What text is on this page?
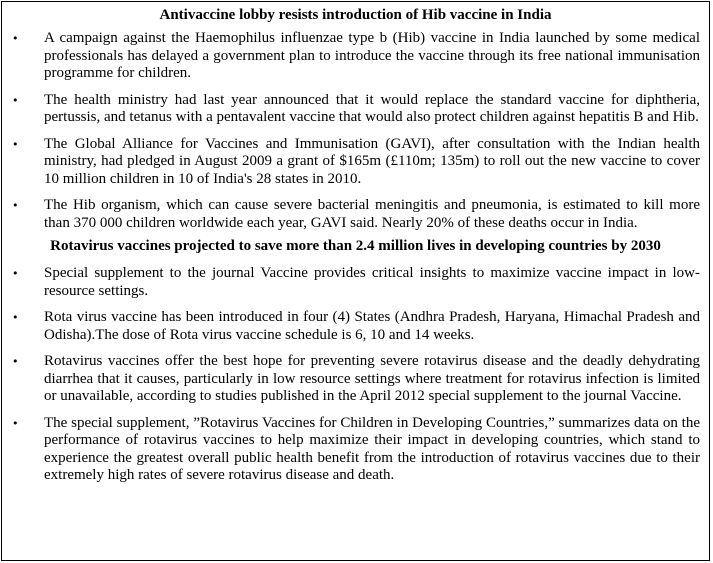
Antivaccine lobby resists introduction of Hib vaccine in India
• A campaign against the Haemophilus influenzae type b (Hib) vaccine in India launched by some medical professionals has delayed a government plan to introduce the vaccine through its free national immunisation programme for children.
• The health ministry had last year announced that it would replace the standard vaccine for diphtheria, pertussis, and tetanus with a pentavalent vaccine that would also protect children against hepatitis B and Hib.
• The Global Alliance for Vaccines and Immunisation (GAVI), after consultation with the Indian health ministry, had pledged in August 2009 a grant of $165m (£110m; 135m) to roll out the new vaccine to cover 10 million children in 10 of India's 28 states in 2010.
• The Hib organism, which can cause severe bacterial meningitis and pneumonia, is estimated to kill more than 370 000 children worldwide each year, GAVI said. Nearly 20% of these deaths occur in India.
Rotavirus vaccines projected to save more than 2.4 million lives in developing countries by 2030
• Special supplement to the journal Vaccine provides critical insights to maximize vaccine impact in low-resource settings.
• Rota virus vaccine has been introduced in four (4) States (Andhra Pradesh, Haryana, Himachal Pradesh and Odisha).The dose of Rota virus vaccine schedule is 6, 10 and 14 weeks.
• Rotavirus vaccines offer the best hope for preventing severe rotavirus disease and the deadly dehydrating diarrhea that it causes, particularly in low resource settings where treatment for rotavirus infection is limited or unavailable, according to studies published in the April 2012 special supplement to the journal Vaccine.
• The special supplement, ”Rotavirus Vaccines for Children in Developing Countries,” summarizes data on the performance of rotavirus vaccines to help maximize their impact in developing countries, which stand to experience the greatest overall public health benefit from the introduction of rotavirus vaccines due to their extremely high rates of severe rotavirus disease and death.
